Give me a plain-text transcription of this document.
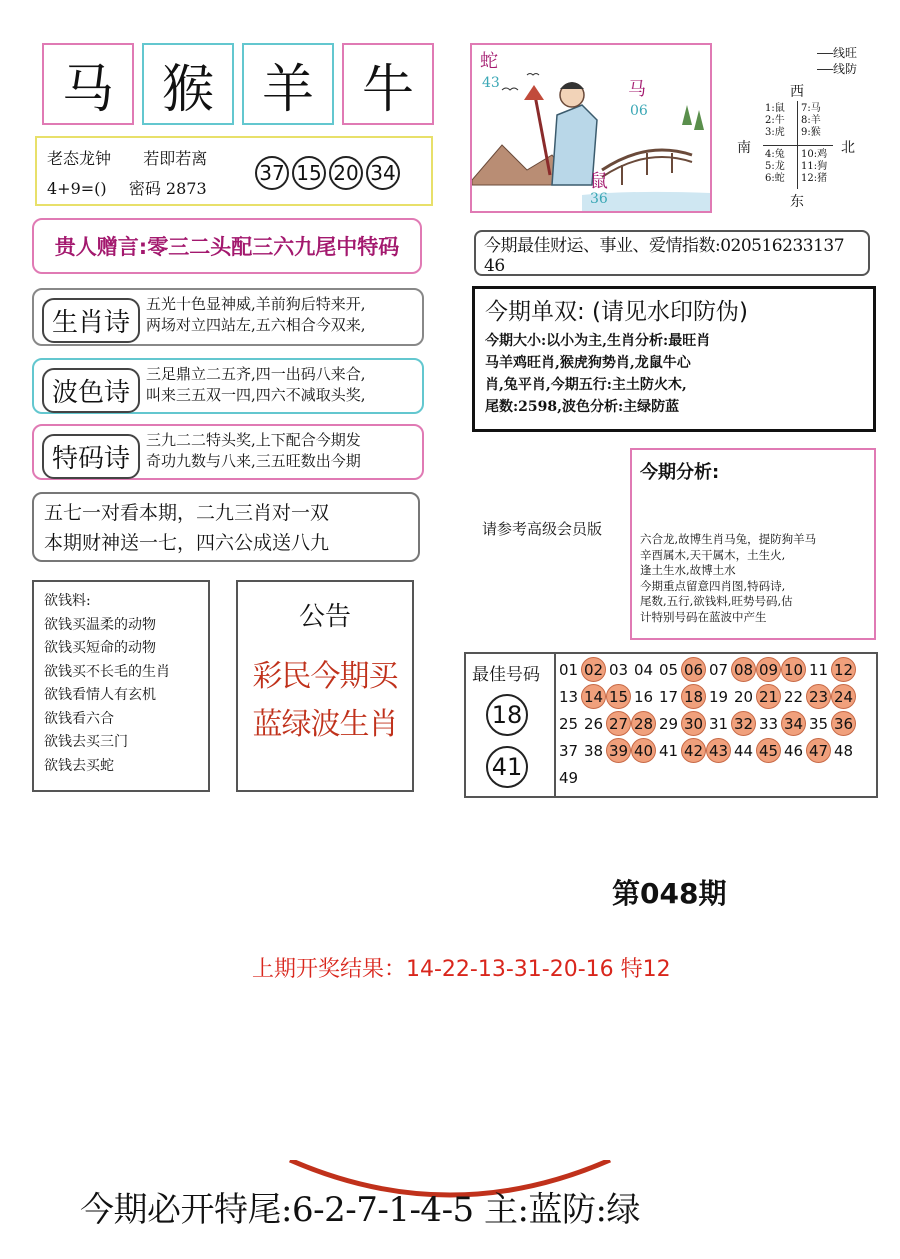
马 猴 羊 牛
老态龙钟 若即若离
4+9=() 密码 2873
37 15 20 34
贵人赠言:零三二头配三六九尾中特码
生肖诗
五光十色显神威,羊前狗后特来开,
两场对立四站左,五六相合今双来,
波色诗
三足鼎立二五齐,四一出码八来合,
叫来三五双一四,四六不减取头奖,
特码诗
三九二二特头奖,上下配合今期发
奇功九数与八来,三五旺数出今期
五七一对看本期，二九三肖对一双
本期财神送一七，四六公成送八九
欲钱料:
欲钱买温柔的动物
欲钱买短命的动物
欲钱买不长毛的生肖
欲钱看情人有玄机
欲钱看六合
欲钱去买三门
欲钱去买蛇
公告
彩民今期买
蓝绿波生肖
蛇
43	马
06
鼠
36
线旺
线防
西
南	北
东
1:鼠
2:牛
3:虎
7:马
8:羊
9:猴
4:兔
5:龙
6:蛇
10:鸡
11:狗
12:猪
今期最佳财运、事业、爱情指数:020516233137 46
今期单双: (请见水印防伪)
今期大小:以小为主,生肖分析:最旺肖
马羊鸡旺肖,猴虎狗势肖,龙鼠牛心
肖,兔平肖,今期五行:主土防火木,
尾数:2598,波色分析:主绿防蓝
请参考高级会员版
今期分析:
六合龙,故博生肖马兔，提防狗羊马
辛酉属木,天干属木，土生火,
逢土生水,故博土水
今期重点留意四肖图,特码诗,
尾数,五行,欲钱料,旺势号码,估
计特别号码在蓝波中产生
最佳号码
18
41
01 02 03 04 05 06 07 08 09 10 11 12
13 14 15 16 17 18 19 20 21 22 23 24
25 26 27 28 29 30 31 32 33 34 35 36
37 38 39 40 41 42 43 44 45 46 47 48
49
第048期
上期开奖结果：14-22-13-31-20-16 特12
今期必开特尾:6-2-7-1-4-5 主:蓝防:绿
